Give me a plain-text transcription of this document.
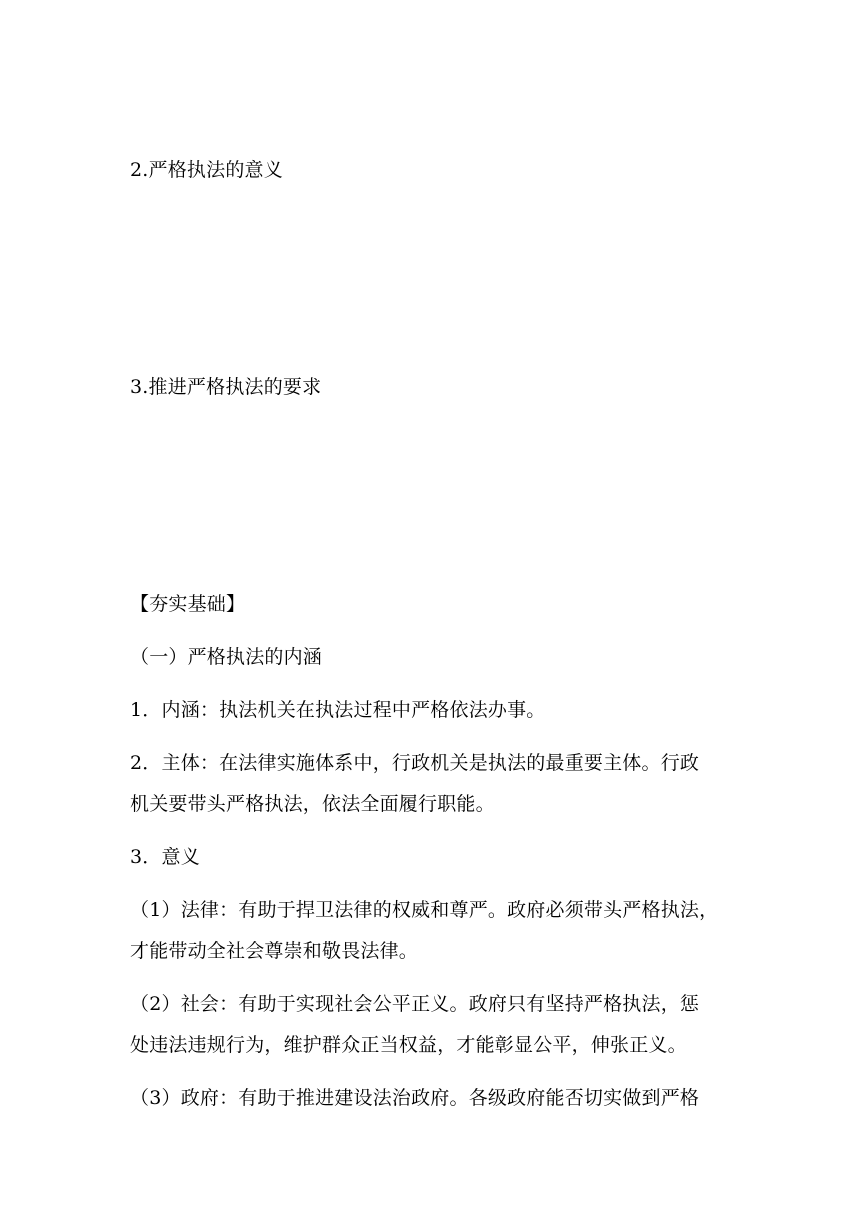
2.严格执法的意义
3.推进严格执法的要求
【夯实基础】
（一）严格执法的内涵
1．内涵：执法机关在执法过程中严格依法办事。
2．主体：在法律实施体系中，行政机关是执法的最重要主体。行政
机关要带头严格执法，依法全面履行职能。
3．意义
（1）法律：有助于捍卫法律的权威和尊严。政府必须带头严格执法，
才能带动全社会尊崇和敬畏法律。
（2）社会：有助于实现社会公平正义。政府只有坚持严格执法，惩
处违法违规行为，维护群众正当权益，才能彰显公平，伸张正义。
（3）政府：有助于推进建设法治政府。各级政府能否切实做到严格
